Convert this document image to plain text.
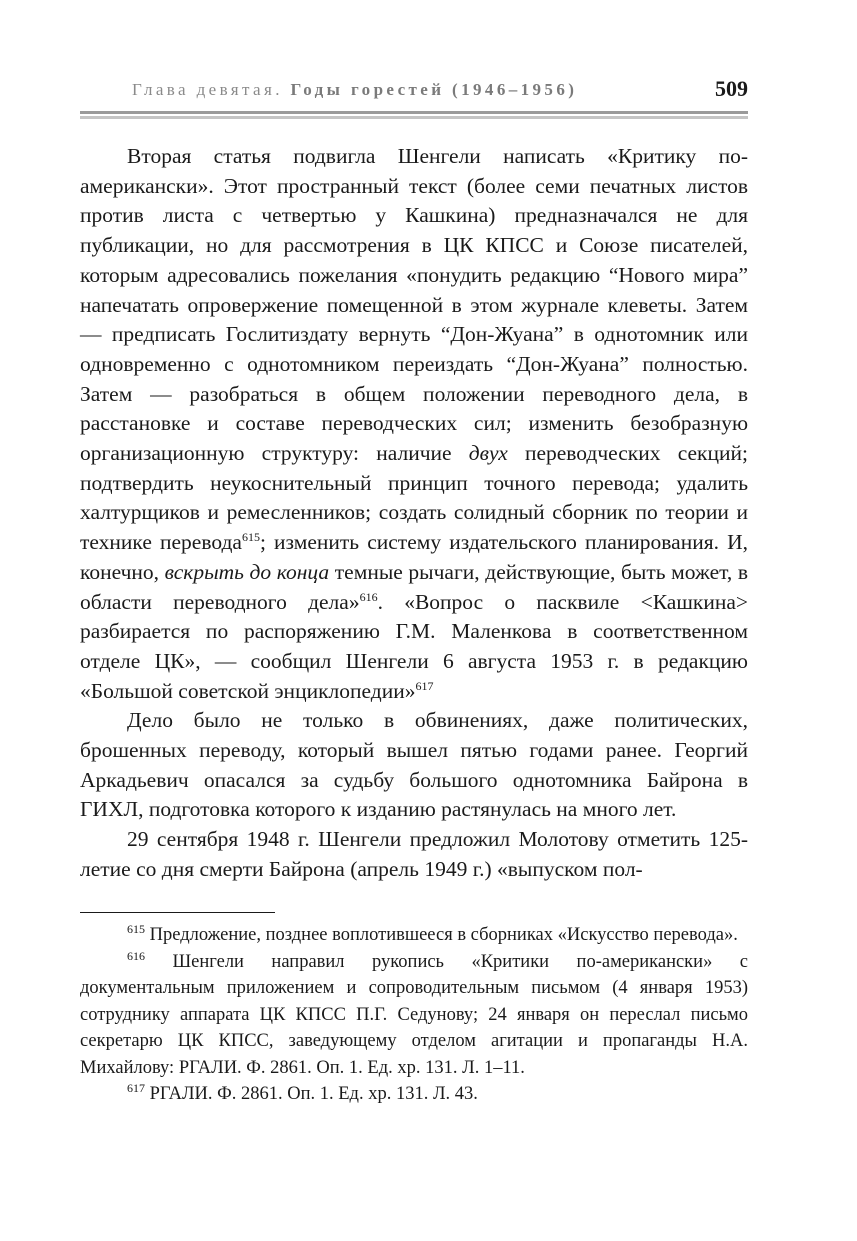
Глава девятая. Годы горестей (1946–1956)	509

Вторая статья подвигла Шенгели написать «Критику по-американски». Этот пространный текст (более семи печатных листов против листа с четвертью у Кашкина) предназначался не для публикации, но для рассмотрения в ЦК КПСС и Союзе писателей, которым адресовались пожелания «понудить редакцию “Нового мира” напечатать опровержение помещенной в этом журнале клеветы. Затем — предписать Гослитиздату вернуть “Дон-Жуана” в однотомник или одновременно с однотомником переиздать “Дон-Жуана” полностью. Затем — разобраться в общем положении переводного дела, в расстановке и составе переводческих сил; изменить безобразную организационную структуру: наличие двух переводческих секций; подтвердить неукоснительный принцип точного перевода; удалить халтурщиков и ремесленников; создать солидный сборник по теории и технике перевода$^{615}$; изменить систему издательского планирования. И, конечно, вскрыть до конца темные рычаги, действующие, быть может, в области переводного дела»$^{616}$. «Вопрос о пасквиле <Кашкина> разбирается по распоряжению Г.М. Маленкова в соответственном отделе ЦК», — сообщил Шенгели 6 августа 1953 г. в редакцию «Большой советской энциклопедии»$^{617}$

Дело было не только в обвинениях, даже политических, брошенных переводу, который вышел пятью годами ранее. Георгий Аркадьевич опасался за судьбу большого однотомника Байрона в ГИХЛ, подготовка которого к изданию растянулась на много лет.

29 сентября 1948 г. Шенгели предложил Молотову отметить 125-летие со дня смерти Байрона (апрель 1949 г.) «выпуском пол-

$^{615}$ Предложение, позднее воплотившееся в сборниках «Искусство перевода».

$^{616}$ Шенгели направил рукопись «Критики по-американски» с документальным приложением и сопроводительным письмом (4 января 1953) сотруднику аппарата ЦК КПСС П.Г. Седунову; 24 января он переслал письмо секретарю ЦК КПСС, заведующему отделом агитации и пропаганды Н.А. Михайлову: РГАЛИ. Ф. 2861. Оп. 1. Ед. хр. 131. Л. 1–11.

$^{617}$ РГАЛИ. Ф. 2861. Оп. 1. Ед. хр. 131. Л. 43.
